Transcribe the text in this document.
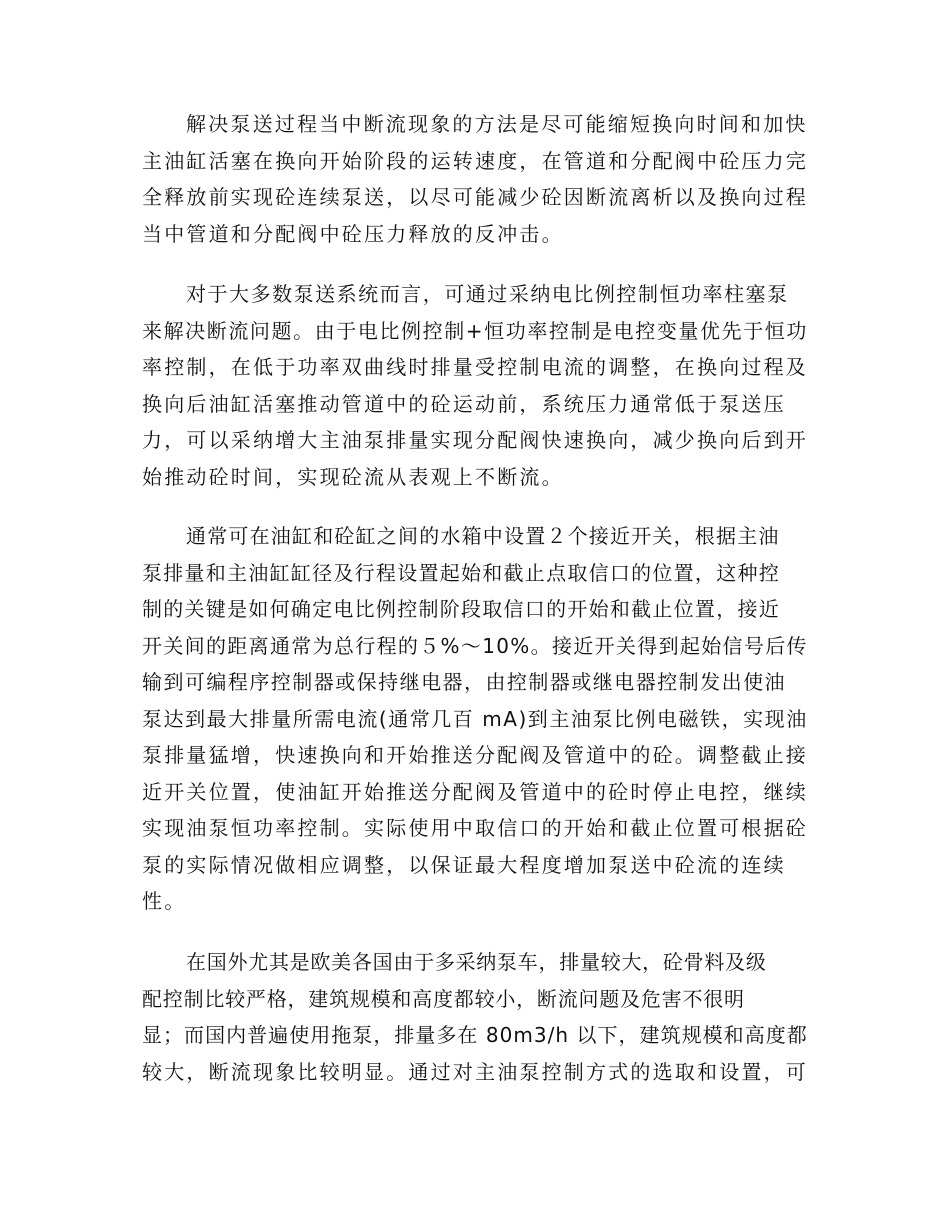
解决泵送过程当中断流现象的方法是尽可能缩短换向时间和加快
主油缸活塞在换向开始阶段的运转速度，在管道和分配阀中砼压力完
全释放前实现砼连续泵送，以尽可能减少砼因断流离析以及换向过程
当中管道和分配阀中砼压力释放的反冲击。
对于大多数泵送系统而言，可通过采纳电比例控制恒功率柱塞泵
来解决断流问题。由于电比例控制+恒功率控制是电控变量优先于恒功
率控制，在低于功率双曲线时排量受控制电流的调整，在换向过程及
换向后油缸活塞推动管道中的砼运动前，系统压力通常低于泵送压
力，可以采纳增大主油泵排量实现分配阀快速换向，减少换向后到开
始推动砼时间，实现砼流从表观上不断流。
通常可在油缸和砼缸之间的水箱中设置２个接近开关，根据主油
泵排量和主油缸缸径及行程设置起始和截止点取信口的位置，这种控
制的关键是如何确定电比例控制阶段取信口的开始和截止位置，接近
开关间的距离通常为总行程的５%～10%。接近开关得到起始信号后传
输到可编程序控制器或保持继电器，由控制器或继电器控制发出使油
泵达到最大排量所需电流(通常几百 mA)到主油泵比例电磁铁，实现油
泵排量猛增，快速换向和开始推送分配阀及管道中的砼。调整截止接
近开关位置，使油缸开始推送分配阀及管道中的砼时停止电控，继续
实现油泵恒功率控制。实际使用中取信口的开始和截止位置可根据砼
泵的实际情况做相应调整，以保证最大程度增加泵送中砼流的连续
性。
在国外尤其是欧美各国由于多采纳泵车，排量较大，砼骨料及级
配控制比较严格，建筑规模和高度都较小，断流问题及危害不很明
显；而国内普遍使用拖泵，排量多在 80m3/h 以下，建筑规模和高度都
较大，断流现象比较明显。通过对主油泵控制方式的选取和设置，可
